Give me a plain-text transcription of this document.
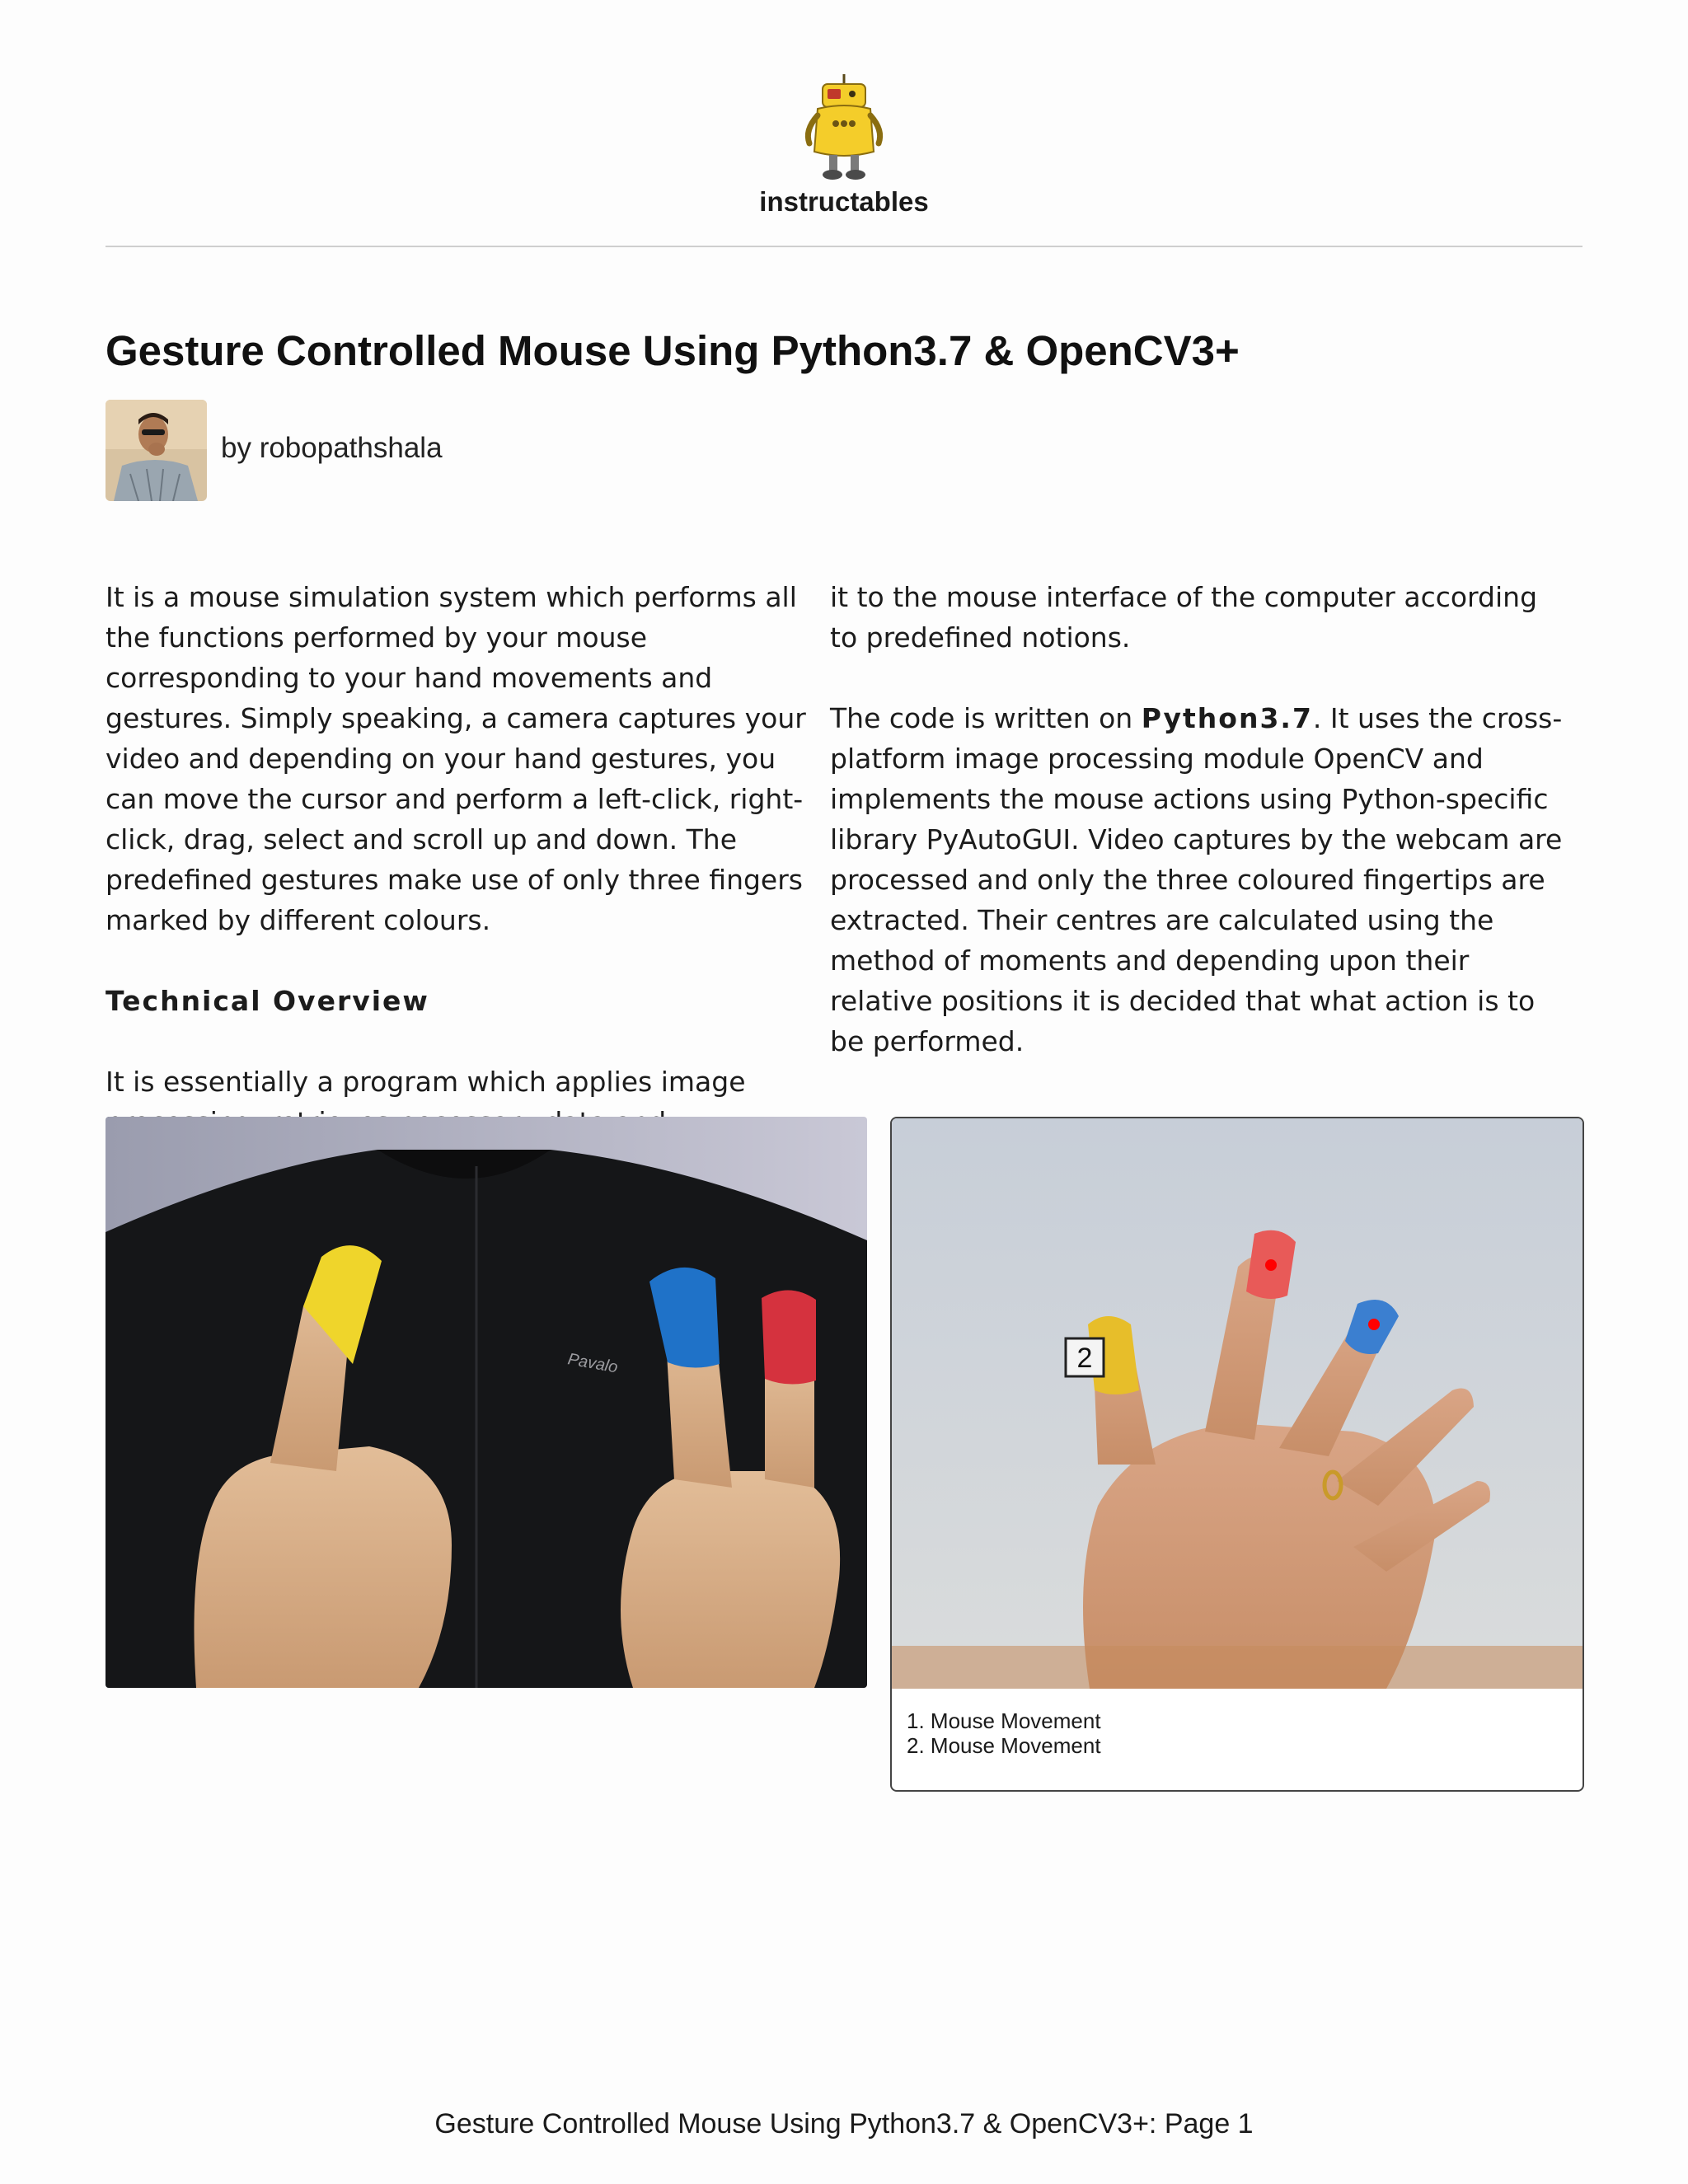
instructables
Gesture Controlled Mouse Using Python3.7 & OpenCV3+
by robopathshala

It is a mouse simulation system which performs all the functions performed by your mouse corresponding to your hand movements and gestures. Simply speaking, a camera captures your video and depending on your hand gestures, you can move the cursor and perform a left-click, right-click, drag, select and scroll up and down. The predefined gestures make use of only three fingers marked by different colours.

Technical Overview

It is essentially a program which applies image

it to the mouse interface of the computer according to predefined notions.

The code is written on Python3.7. It uses the cross-platform image processing module OpenCV and implements the mouse actions using Python-specific library PyAutoGUI. Video captures by the webcam are processed and only the three coloured fingertips are extracted. Their centres are calculated using the method of moments and depending upon their relative positions it is decided that what action is to be performed.

Pavalo	2
1. Mouse Movement
2. Mouse Movement
Gesture Controlled Mouse Using Python3.7 & OpenCV3+: Page 1
